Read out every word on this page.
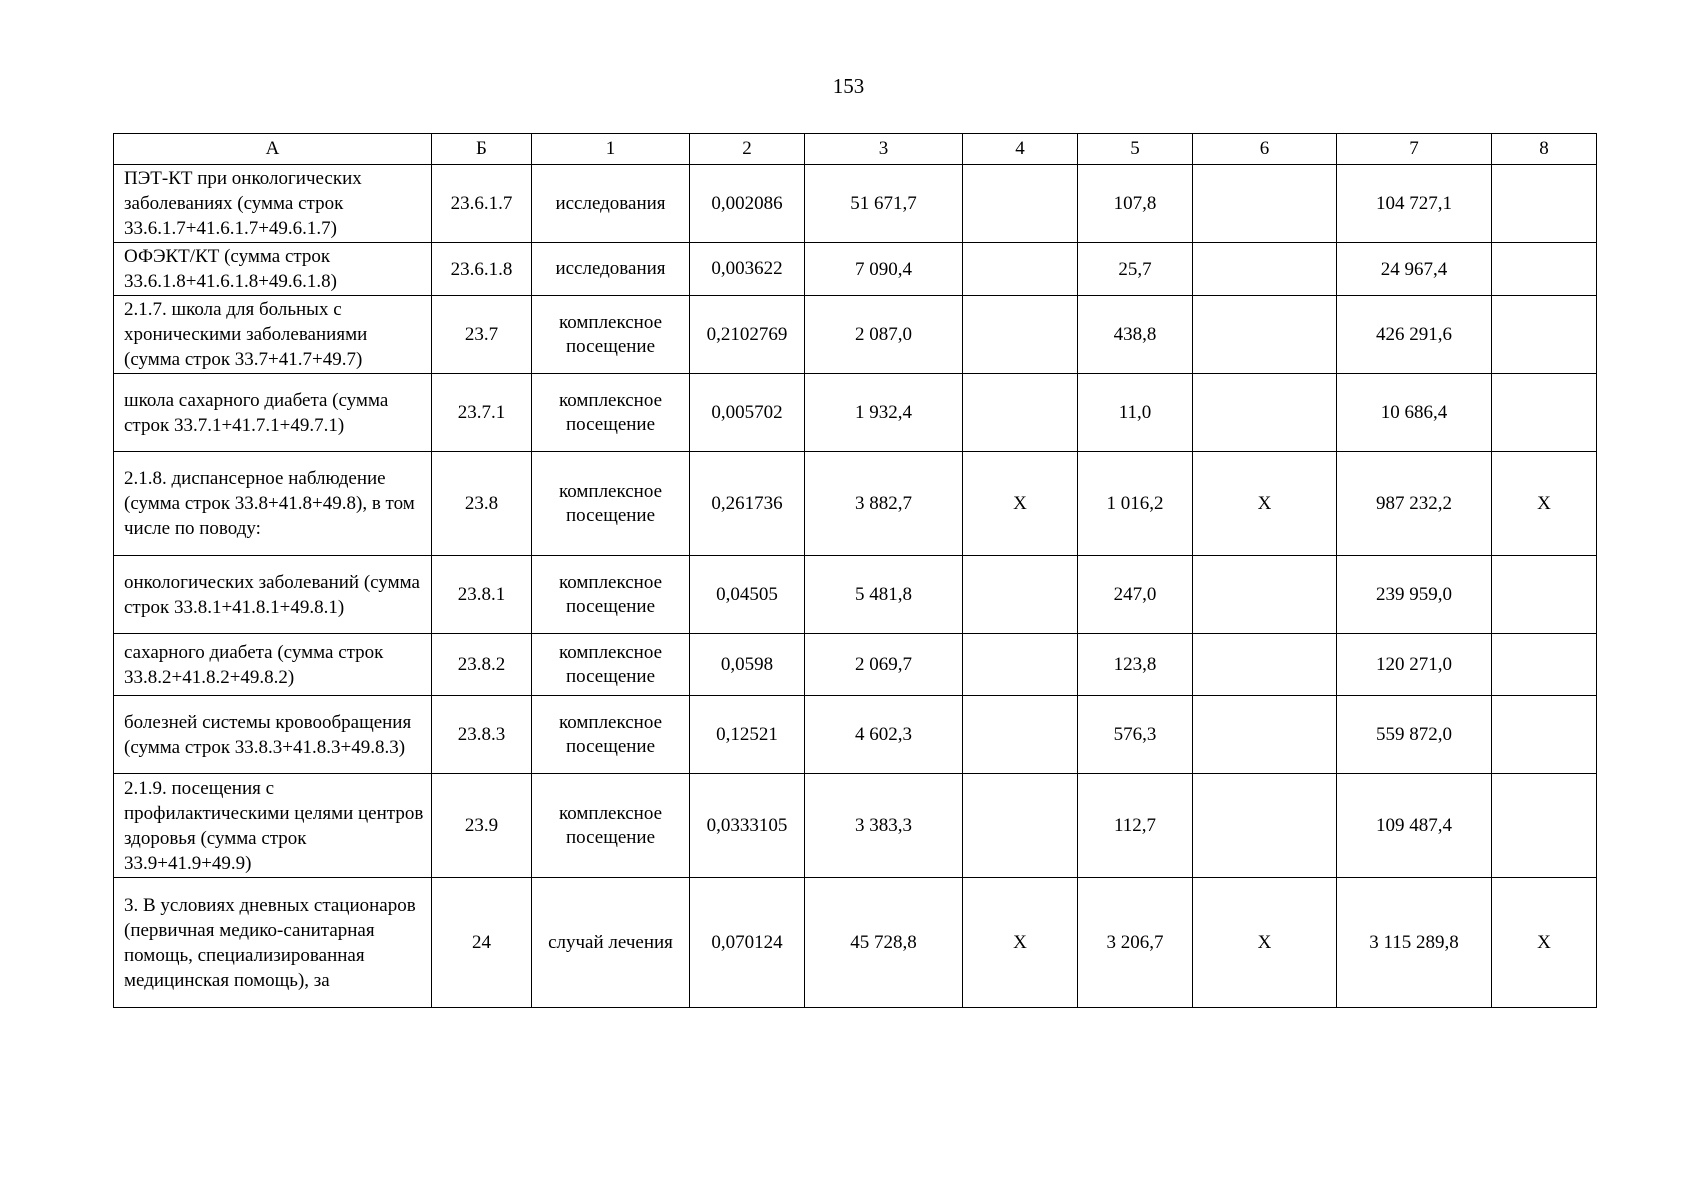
153
А	Б	1	2	3	4	5	6	7	8
ПЭТ-КТ при онкологических заболеваниях (сумма строк 33.6.1.7+41.6.1.7+49.6.1.7)	23.6.1.7	исследования	0,002086	51 671,7		107,8		104 727,1	
ОФЭКТ/КТ (сумма строк 33.6.1.8+41.6.1.8+49.6.1.8)	23.6.1.8	исследования	0,003622	7 090,4		25,7		24 967,4	
2.1.7. школа для больных с хроническими заболеваниями (сумма строк 33.7+41.7+49.7)	23.7	комплексное посещение	0,2102769	2 087,0		438,8		426 291,6	
школа сахарного диабета (сумма строк 33.7.1+41.7.1+49.7.1)	23.7.1	комплексное посещение	0,005702	1 932,4		11,0		10 686,4	
2.1.8. диспансерное наблюдение (сумма строк 33.8+41.8+49.8), в том числе по поводу:	23.8	комплексное посещение	0,261736	3 882,7	Х	1 016,2	Х	987 232,2	Х
онкологических заболеваний (сумма строк 33.8.1+41.8.1+49.8.1)	23.8.1	комплексное посещение	0,04505	5 481,8		247,0		239 959,0	
сахарного диабета (сумма строк 33.8.2+41.8.2+49.8.2)	23.8.2	комплексное посещение	0,0598	2 069,7		123,8		120 271,0	
болезней системы кровообращения (сумма строк 33.8.3+41.8.3+49.8.3)	23.8.3	комплексное посещение	0,12521	4 602,3		576,3		559 872,0	
2.1.9. посещения с профилактическими целями центров здоровья (сумма строк 33.9+41.9+49.9)	23.9	комплексное посещение	0,0333105	3 383,3		112,7		109 487,4	
3. В условиях дневных стационаров (первичная медико-санитарная помощь, специализированная медицинская помощь), за	24	случай лечения	0,070124	45 728,8	Х	3 206,7	Х	3 115 289,8	Х
